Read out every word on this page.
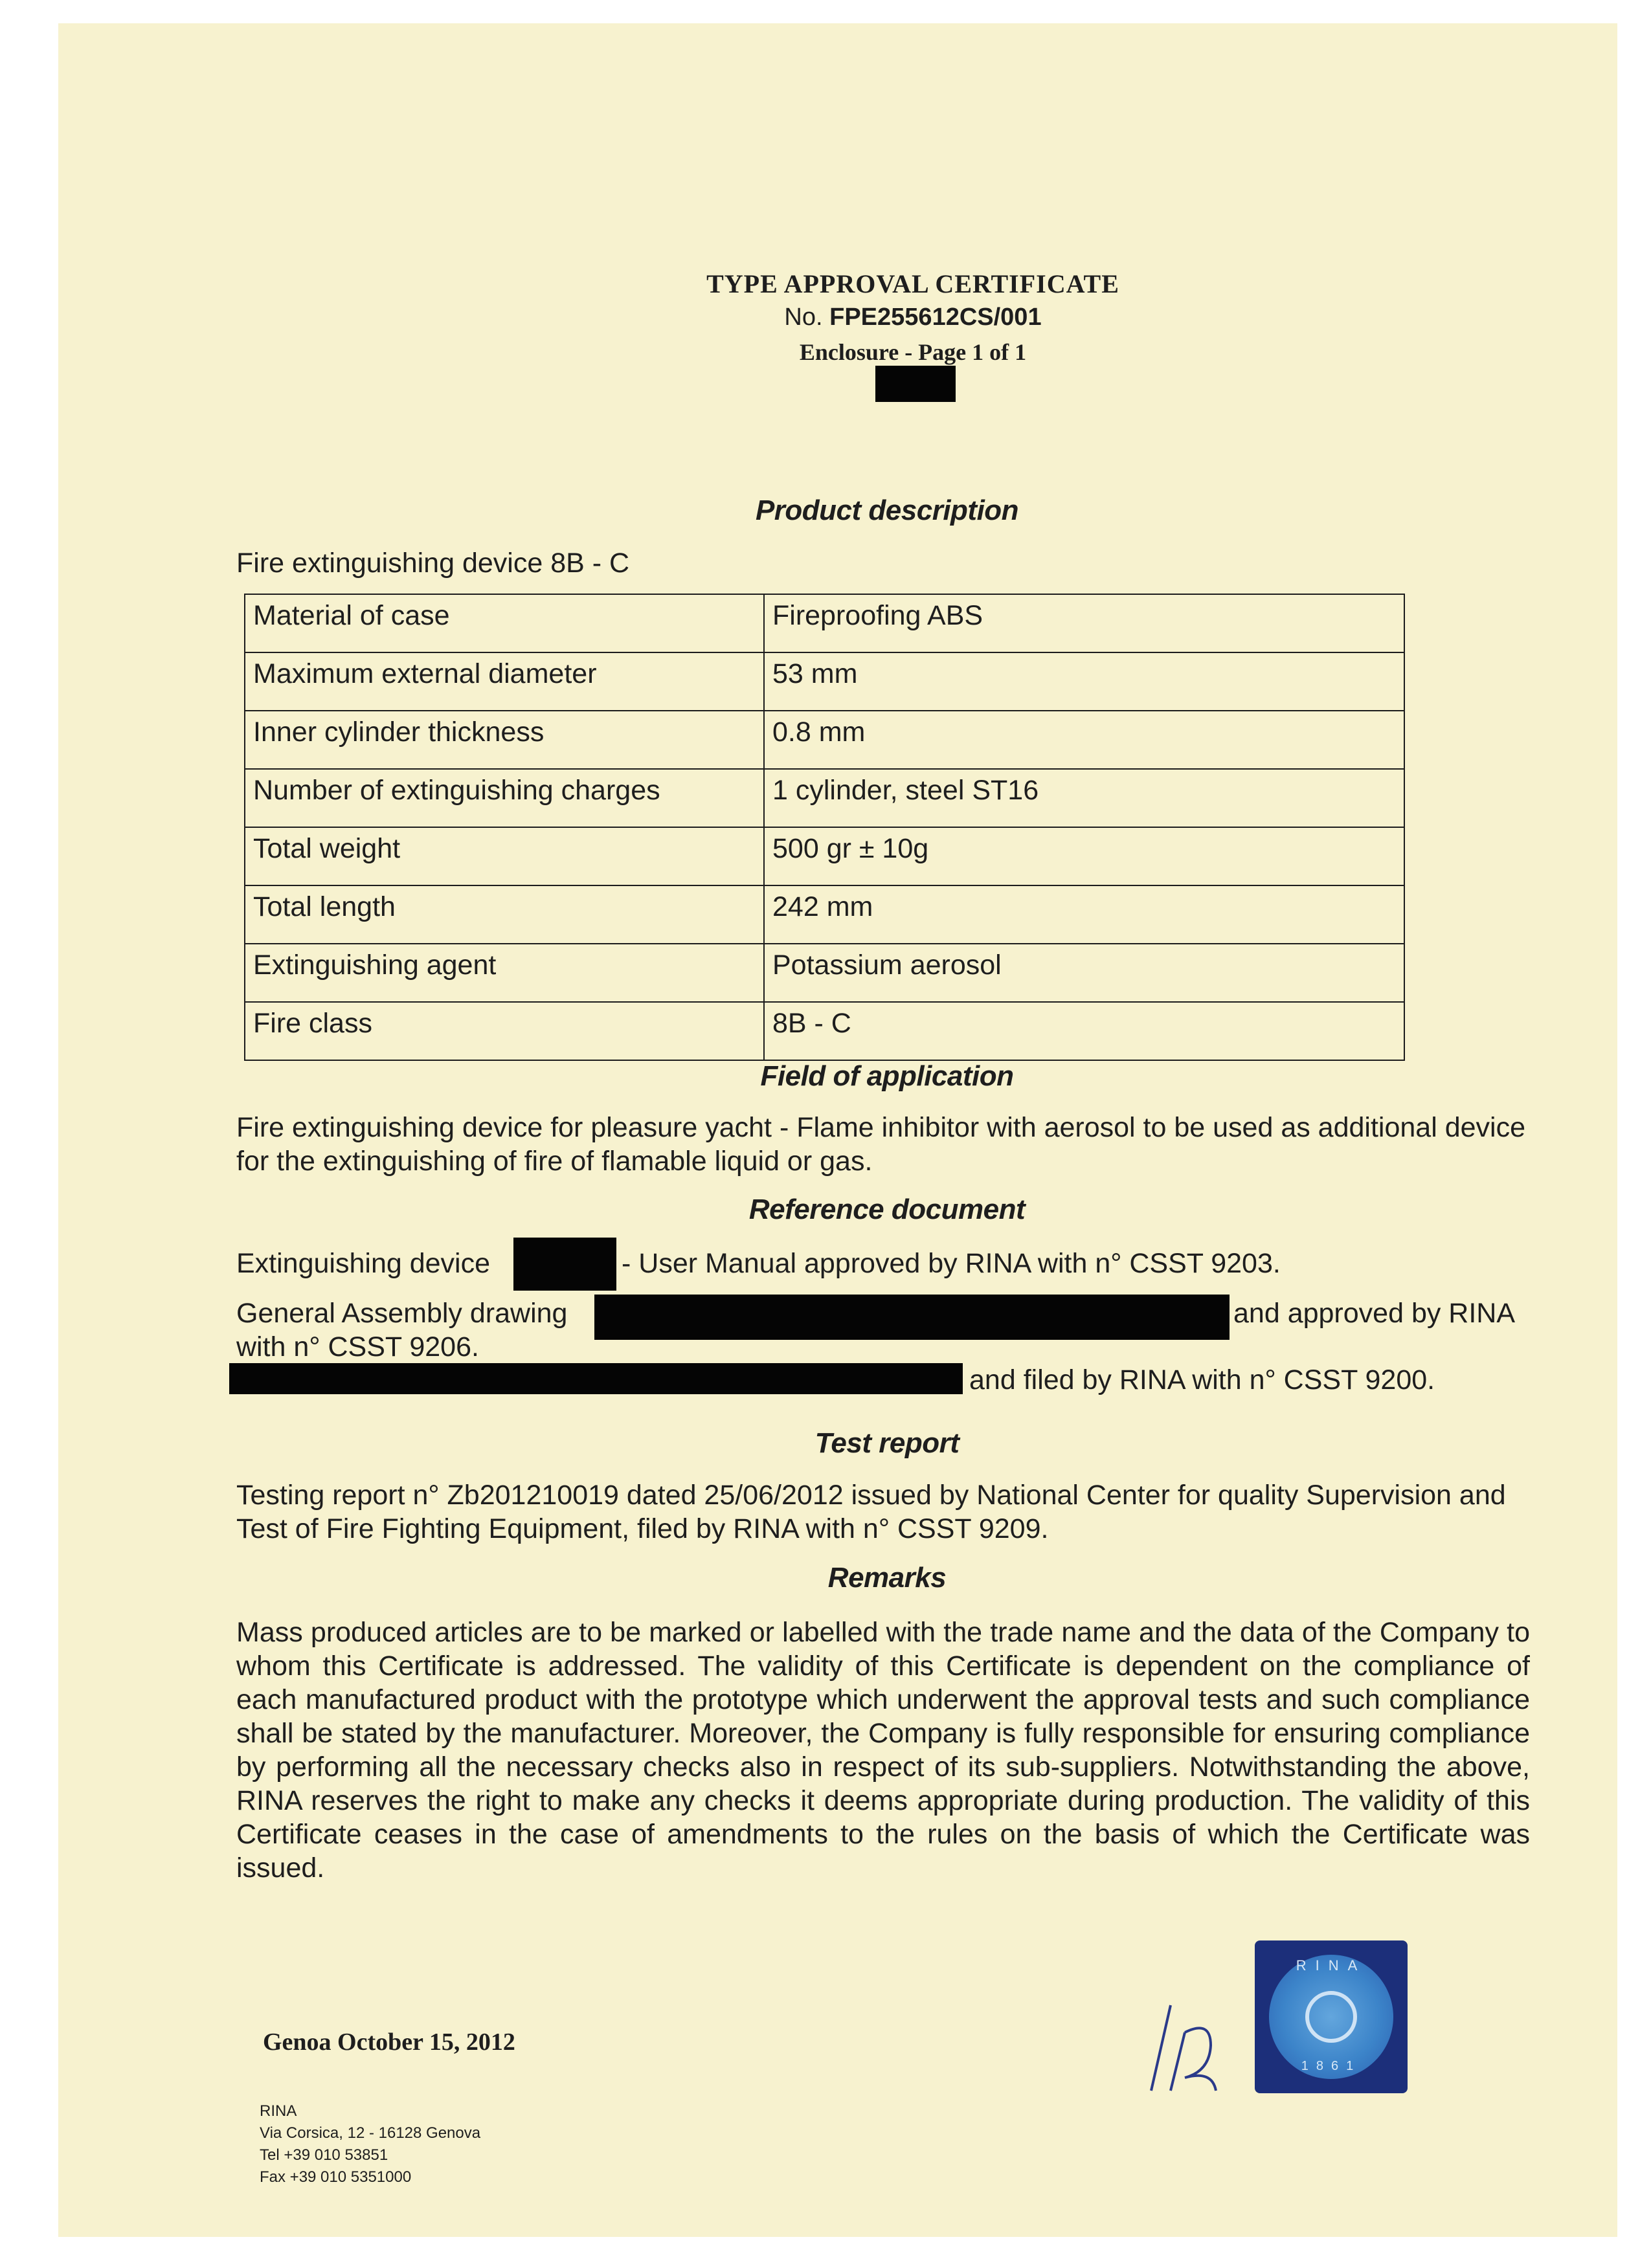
TYPE APPROVAL CERTIFICATE
No. FPE255612CS/001
Enclosure - Page 1 of 1
Product description
Fire extinguishing device 8B - C
Material of case	Fireproofing ABS
Maximum external diameter	53 mm
Inner cylinder thickness	0.8 mm
Number of extinguishing charges	1 cylinder, steel ST16
Total weight	500 gr ± 10g
Total length	242 mm
Extinguishing agent	Potassium aerosol
Fire class	8B - C
Field of application
Fire extinguishing device for pleasure yacht - Flame inhibitor with aerosol to be used as additional device for the extinguishing of fire of flamable liquid or gas.
Reference document
Extinguishing device	- User Manual approved by RINA with n° CSST 9203.
General Assembly drawing	and approved by RINA
with n° CSST 9206.
and filed by RINA with n° CSST 9200.
Test report
Testing report n° Zb201210019 dated 25/06/2012 issued by National Center for quality Supervision and Test of Fire Fighting Equipment, filed by RINA with n° CSST 9209.
Remarks
Mass produced articles are to be marked or labelled with the trade name and the data of the Company to whom this Certificate is addressed. The validity of this Certificate is dependent on the compliance of each manufactured product with the prototype which underwent the approval tests and such compliance shall be stated by the manufacturer. Moreover, the Company is fully responsible for ensuring compliance by performing all the necessary checks also in respect of its sub-suppliers. Notwithstanding the above, RINA reserves the right to make any checks it deems appropriate during production. The validity of this Certificate ceases in the case of amendments to the rules on the basis of which the Certificate was issued.
Genoa October 15, 2012
RINA
Via Corsica, 12 - 16128 Genova
Tel +39 010 53851
Fax +39 010 5351000
RINA
1861
